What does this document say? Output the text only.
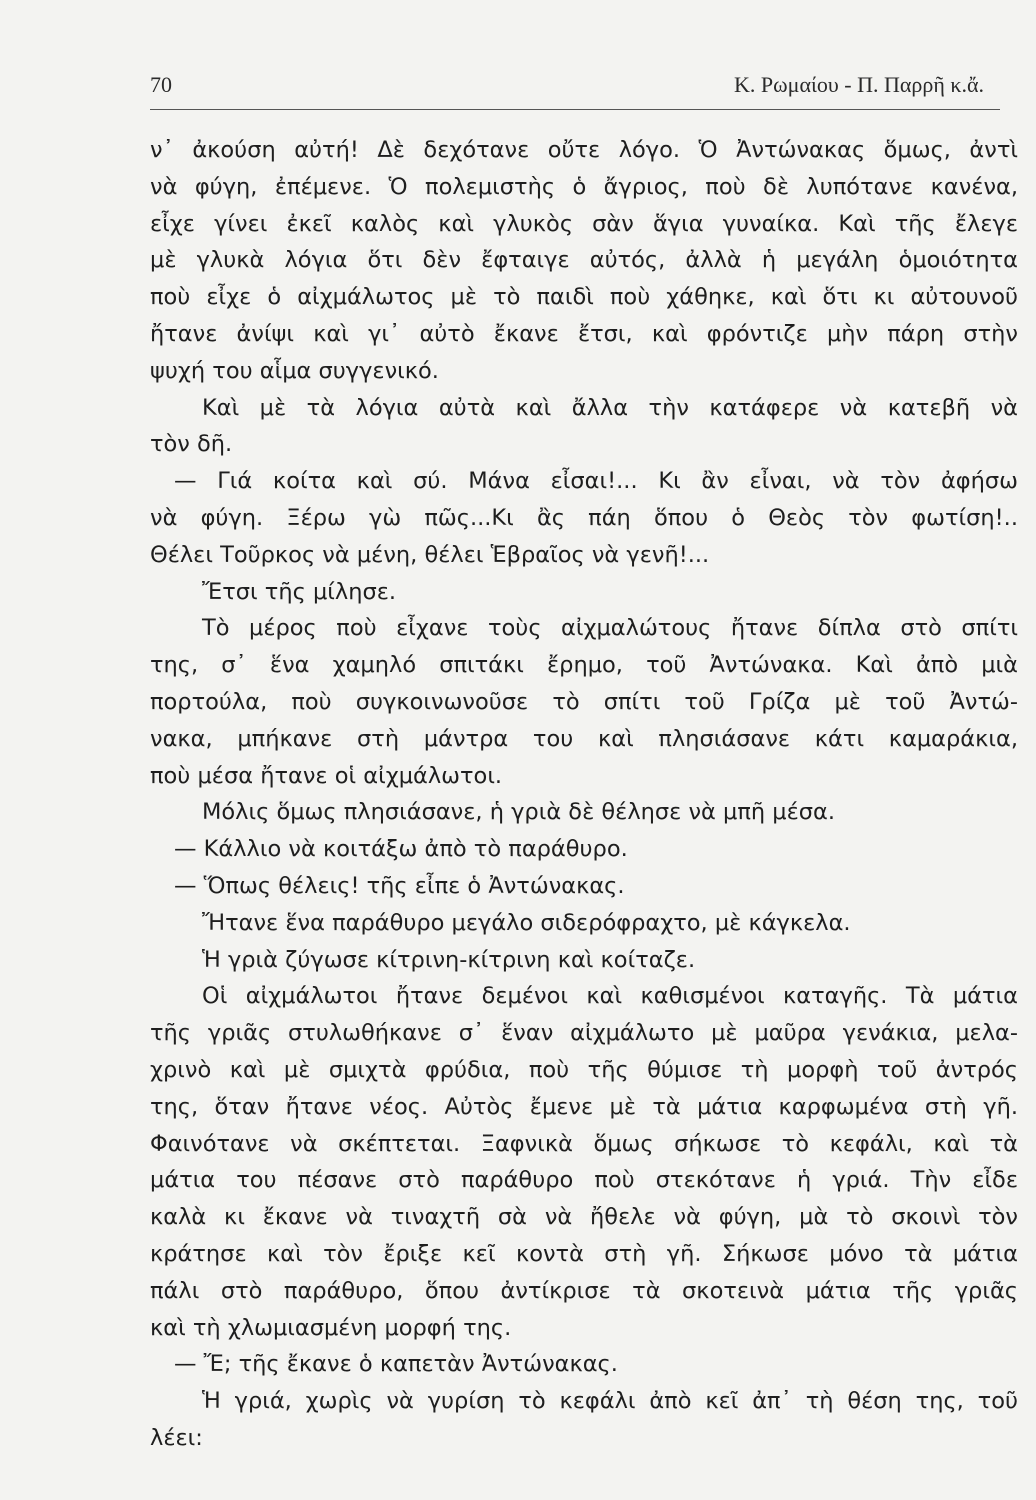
70	Κ. Ρωμαίου - Π. Παρρῆ κ.ἄ.
ν᾽ ἀκούση αὐτή! Δὲ δεχότανε οὔτε λόγο. Ὁ Ἀντώνακας ὅμως, ἀντὶ
νὰ φύγη, ἐπέμενε. Ὁ πολεμιστὴς ὁ ἄγριος, ποὺ δὲ λυπότανε κανένα,
εἶχε γίνει ἐκεῖ καλὸς καὶ γλυκὸς σὰν ἅγια γυναίκα. Καὶ τῆς ἔλεγε
μὲ γλυκὰ λόγια ὅτι δὲν ἔφταιγε αὐτός, ἀλλὰ ἡ μεγάλη ὁμοιότητα
ποὺ εἶχε ὁ αἰχμάλωτος μὲ τὸ παιδὶ ποὺ χάθηκε, καὶ ὅτι κι αὐτουνοῦ
ἤτανε ἀνίψι καὶ γι᾽ αὐτὸ ἔκανε ἔτσι, καὶ φρόντιζε μὴν πάρη στὴν
ψυχή του αἷμα συγγενικό.
Καὶ μὲ τὰ λόγια αὐτὰ καὶ ἄλλα τὴν κατάφερε νὰ κατεβῆ νὰ
τὸν δῆ.
— Γιά κοίτα καὶ σύ. Μάνα εἶσαι!... Κι ἂν εἶναι, νὰ τὸν ἀφήσω
νὰ φύγη. Ξέρω γὼ πῶς...Κι ἂς πάη ὅπου ὁ Θεὸς τὸν φωτίση!..
Θέλει Τοῦρκος νὰ μένη, θέλει Ἑβραῖος νὰ γενῆ!...
Ἔτσι τῆς μίλησε.
Τὸ μέρος ποὺ εἶχανε τοὺς αἰχμαλώτους ἤτανε δίπλα στὸ σπίτι
της, σ᾽ ἕνα χαμηλό σπιτάκι ἔρημο, τοῦ Ἀντώνακα. Καὶ ἀπὸ μιὰ
πορτούλα, ποὺ συγκοινωνοῦσε τὸ σπίτι τοῦ Γρίζα μὲ τοῦ Ἀντώ-
νακα, μπήκανε στὴ μάντρα του καὶ πλησιάσανε κάτι καμαράκια,
ποὺ μέσα ἤτανε οἱ αἰχμάλωτοι.
Μόλις ὅμως πλησιάσανε, ἡ γριὰ δὲ θέλησε νὰ μπῆ μέσα.
— Κάλλιο νὰ κοιτάξω ἀπὸ τὸ παράθυρο.
— Ὅπως θέλεις! τῆς εἶπε ὁ Ἀντώνακας.
Ἤτανε ἕνα παράθυρο μεγάλο σιδερόφραχτο, μὲ κάγκελα.
Ἡ γριὰ ζύγωσε κίτρινη-κίτρινη καὶ κοίταζε.
Οἱ αἰχμάλωτοι ἤτανε δεμένοι καὶ καθισμένοι καταγῆς. Τὰ μάτια
τῆς γριᾶς στυλωθήκανε σ᾽ ἕναν αἰχμάλωτο μὲ μαῦρα γενάκια, μελα-
χρινὸ καὶ μὲ σμιχτὰ φρύδια, ποὺ τῆς θύμισε τὴ μορφὴ τοῦ ἀντρός
της, ὅταν ἤτανε νέος. Αὐτὸς ἔμενε μὲ τὰ μάτια καρφωμένα στὴ γῆ.
Φαινότανε νὰ σκέπτεται. Ξαφνικὰ ὅμως σήκωσε τὸ κεφάλι, καὶ τὰ
μάτια του πέσανε στὸ παράθυρο ποὺ στεκότανε ἡ γριά. Τὴν εἶδε
καλὰ κι ἔκανε νὰ τιναχτῆ σὰ νὰ ἤθελε νὰ φύγη, μὰ τὸ σκοινὶ τὸν
κράτησε καὶ τὸν ἔριξε κεῖ κοντὰ στὴ γῆ. Σήκωσε μόνο τὰ μάτια
πάλι στὸ παράθυρο, ὅπου ἀντίκρισε τὰ σκοτεινὰ μάτια τῆς γριᾶς
καὶ τὴ χλωμιασμένη μορφή της.
— Ἔ; τῆς ἔκανε ὁ καπετὰν Ἀντώνακας.
Ἡ γριά, χωρὶς νὰ γυρίση τὸ κεφάλι ἀπὸ κεῖ ἀπ᾽ τὴ θέση της, τοῦ
λέει:
